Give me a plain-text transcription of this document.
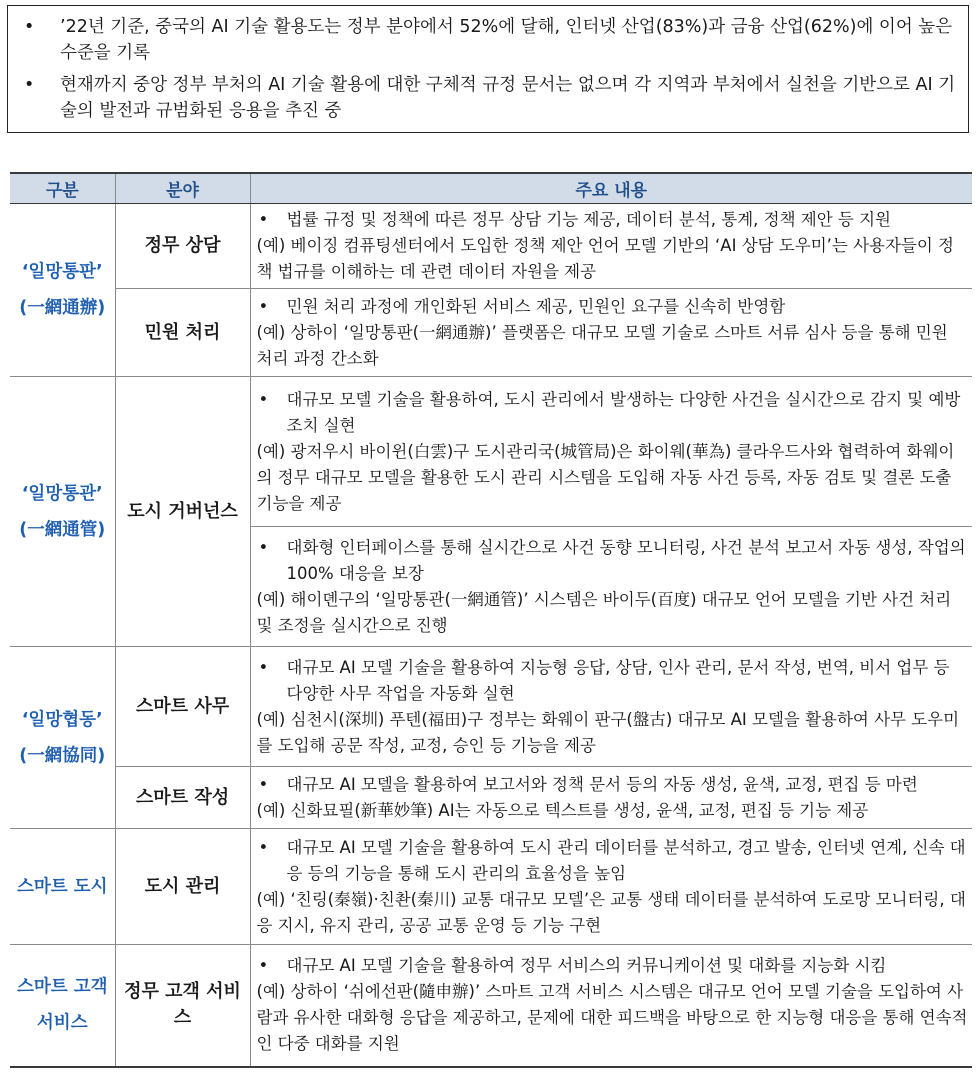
• ’22년 기준, 중국의 AI 기술 활용도는 정부 분야에서 52%에 달해, 인터넷 산업(83%)과 금융 산업(62%)에 이어 높은 수준을 기록
• 현재까지 중앙 정부 부처의 AI 기술 활용에 대한 구체적 규정 문서는 없으며 각 지역과 부처에서 실천을 기반으로 AI 기술의 발전과 규범화된 응용을 추진 중
구분	분야	주요 내용
‘일망통판’ (一網通辦)	정무 상담	• 법률 규정 및 정책에 따른 정무 상담 기능 제공, 데이터 분석, 통계, 정책 제안 등 지원
(예) 베이징 컴퓨팅센터에서 도입한 정책 제안 언어 모델 기반의 ‘AI 상담 도우미’는 사용자들이 정책 법규를 이해하는 데 관련 데이터 자원을 제공

	민원 처리	• 민원 처리 과정에 개인화된 서비스 제공, 민원인 요구를 신속히 반영함
(예) 상하이 ‘일망통판(一網通辦)’ 플랫폼은 대규모 모델 기술로 스마트 서류 심사 등을 통해 민원 처리 과정 간소화

‘일망통관’ (一網通管)	도시 거버넌스	• 대규모 모델 기술을 활용하여, 도시 관리에서 발생하는 다양한 사건을 실시간으로 감지 및 예방 조치 실현
(예) 광저우시 바이윈(白雲)구 도시관리국(城管局)은 화이웨(華為) 클라우드사와 협력하여 화웨이의 정무 대규모 모델을 활용한 도시 관리 시스템을 도입해 자동 사건 등록, 자동 검토 및 결론 도출 기능을 제공

		• 대화형 인터페이스를 통해 실시간으로 사건 동향 모니터링, 사건 분석 보고서 자동 생성, 작업의 100% 대응을 보장
(예) 해이뎬구의 ‘일망통관(一網通管)’ 시스템은 바이두(百度) 대규모 언어 모델을 기반 사건 처리 및 조정을 실시간으로 진행

‘일망협동’ (一網協同)	스마트 사무	• 대규모 AI 모델 기술을 활용하여 지능형 응답, 상담, 인사 관리, 문서 작성, 번역, 비서 업무 등 다양한 사무 작업을 자동화 실현
(예) 심천시(深圳) 푸텐(福田)구 정부는 화웨이 판구(盤古) 대규모 AI 모델을 활용하여 사무 도우미를 도입해 공문 작성, 교정, 승인 등 기능을 제공

	스마트 작성	• 대규모 AI 모델을 활용하여 보고서와 정책 문서 등의 자동 생성, 윤색, 교정, 편집 등 마련
(예) 신화묘필(新華妙筆) AI는 자동으로 텍스트를 생성, 윤색, 교정, 편집 등 기능 제공

스마트 도시	도시 관리	• 대규모 AI 모델 기술을 활용하여 도시 관리 데이터를 분석하고, 경고 발송, 인터넷 연계, 신속 대응 등의 기능을 통해 도시 관리의 효율성을 높임
(예) ‘친링(秦嶺)·친촨(秦川) 교통 대규모 모델’은 교통 생태 데이터를 분석하여 도로망 모니터링, 대응 지시, 유지 관리, 공공 교통 운영 등 기능 구현

스마트 고객 서비스	정무 고객 서비스	• 대규모 AI 모델 기술을 활용하여 정무 서비스의 커뮤니케이션 및 대화를 지능화 시킴
(예) 상하이 ‘쉬에선판(隨申辦)’ 스마트 고객 서비스 시스템은 대규모 언어 모델 기술을 도입하여 사람과 유사한 대화형 응답을 제공하고, 문제에 대한 피드백을 바탕으로 한 지능형 대응을 통해 연속적인 다중 대화를 지원
